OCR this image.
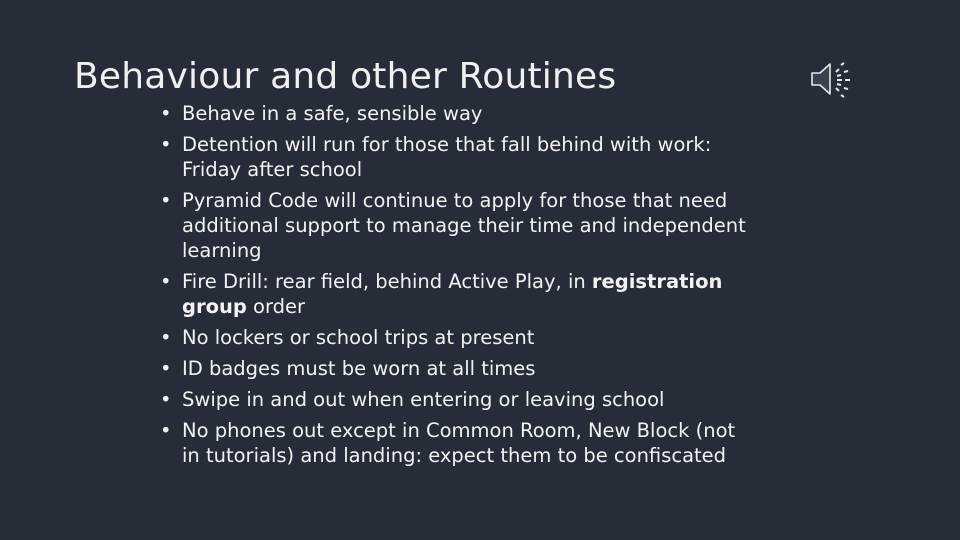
Behaviour and other Routines
• Behave in a safe, sensible way
• Detention will run for those that fall behind with work:
Friday after school
• Pyramid Code will continue to apply for those that need
additional support to manage their time and independent
learning
• Fire Drill: rear field, behind Active Play, in registration
group order
• No lockers or school trips at present
• ID badges must be worn at all times
• Swipe in and out when entering or leaving school
• No phones out except in Common Room, New Block (not
in tutorials) and landing: expect them to be confiscated
